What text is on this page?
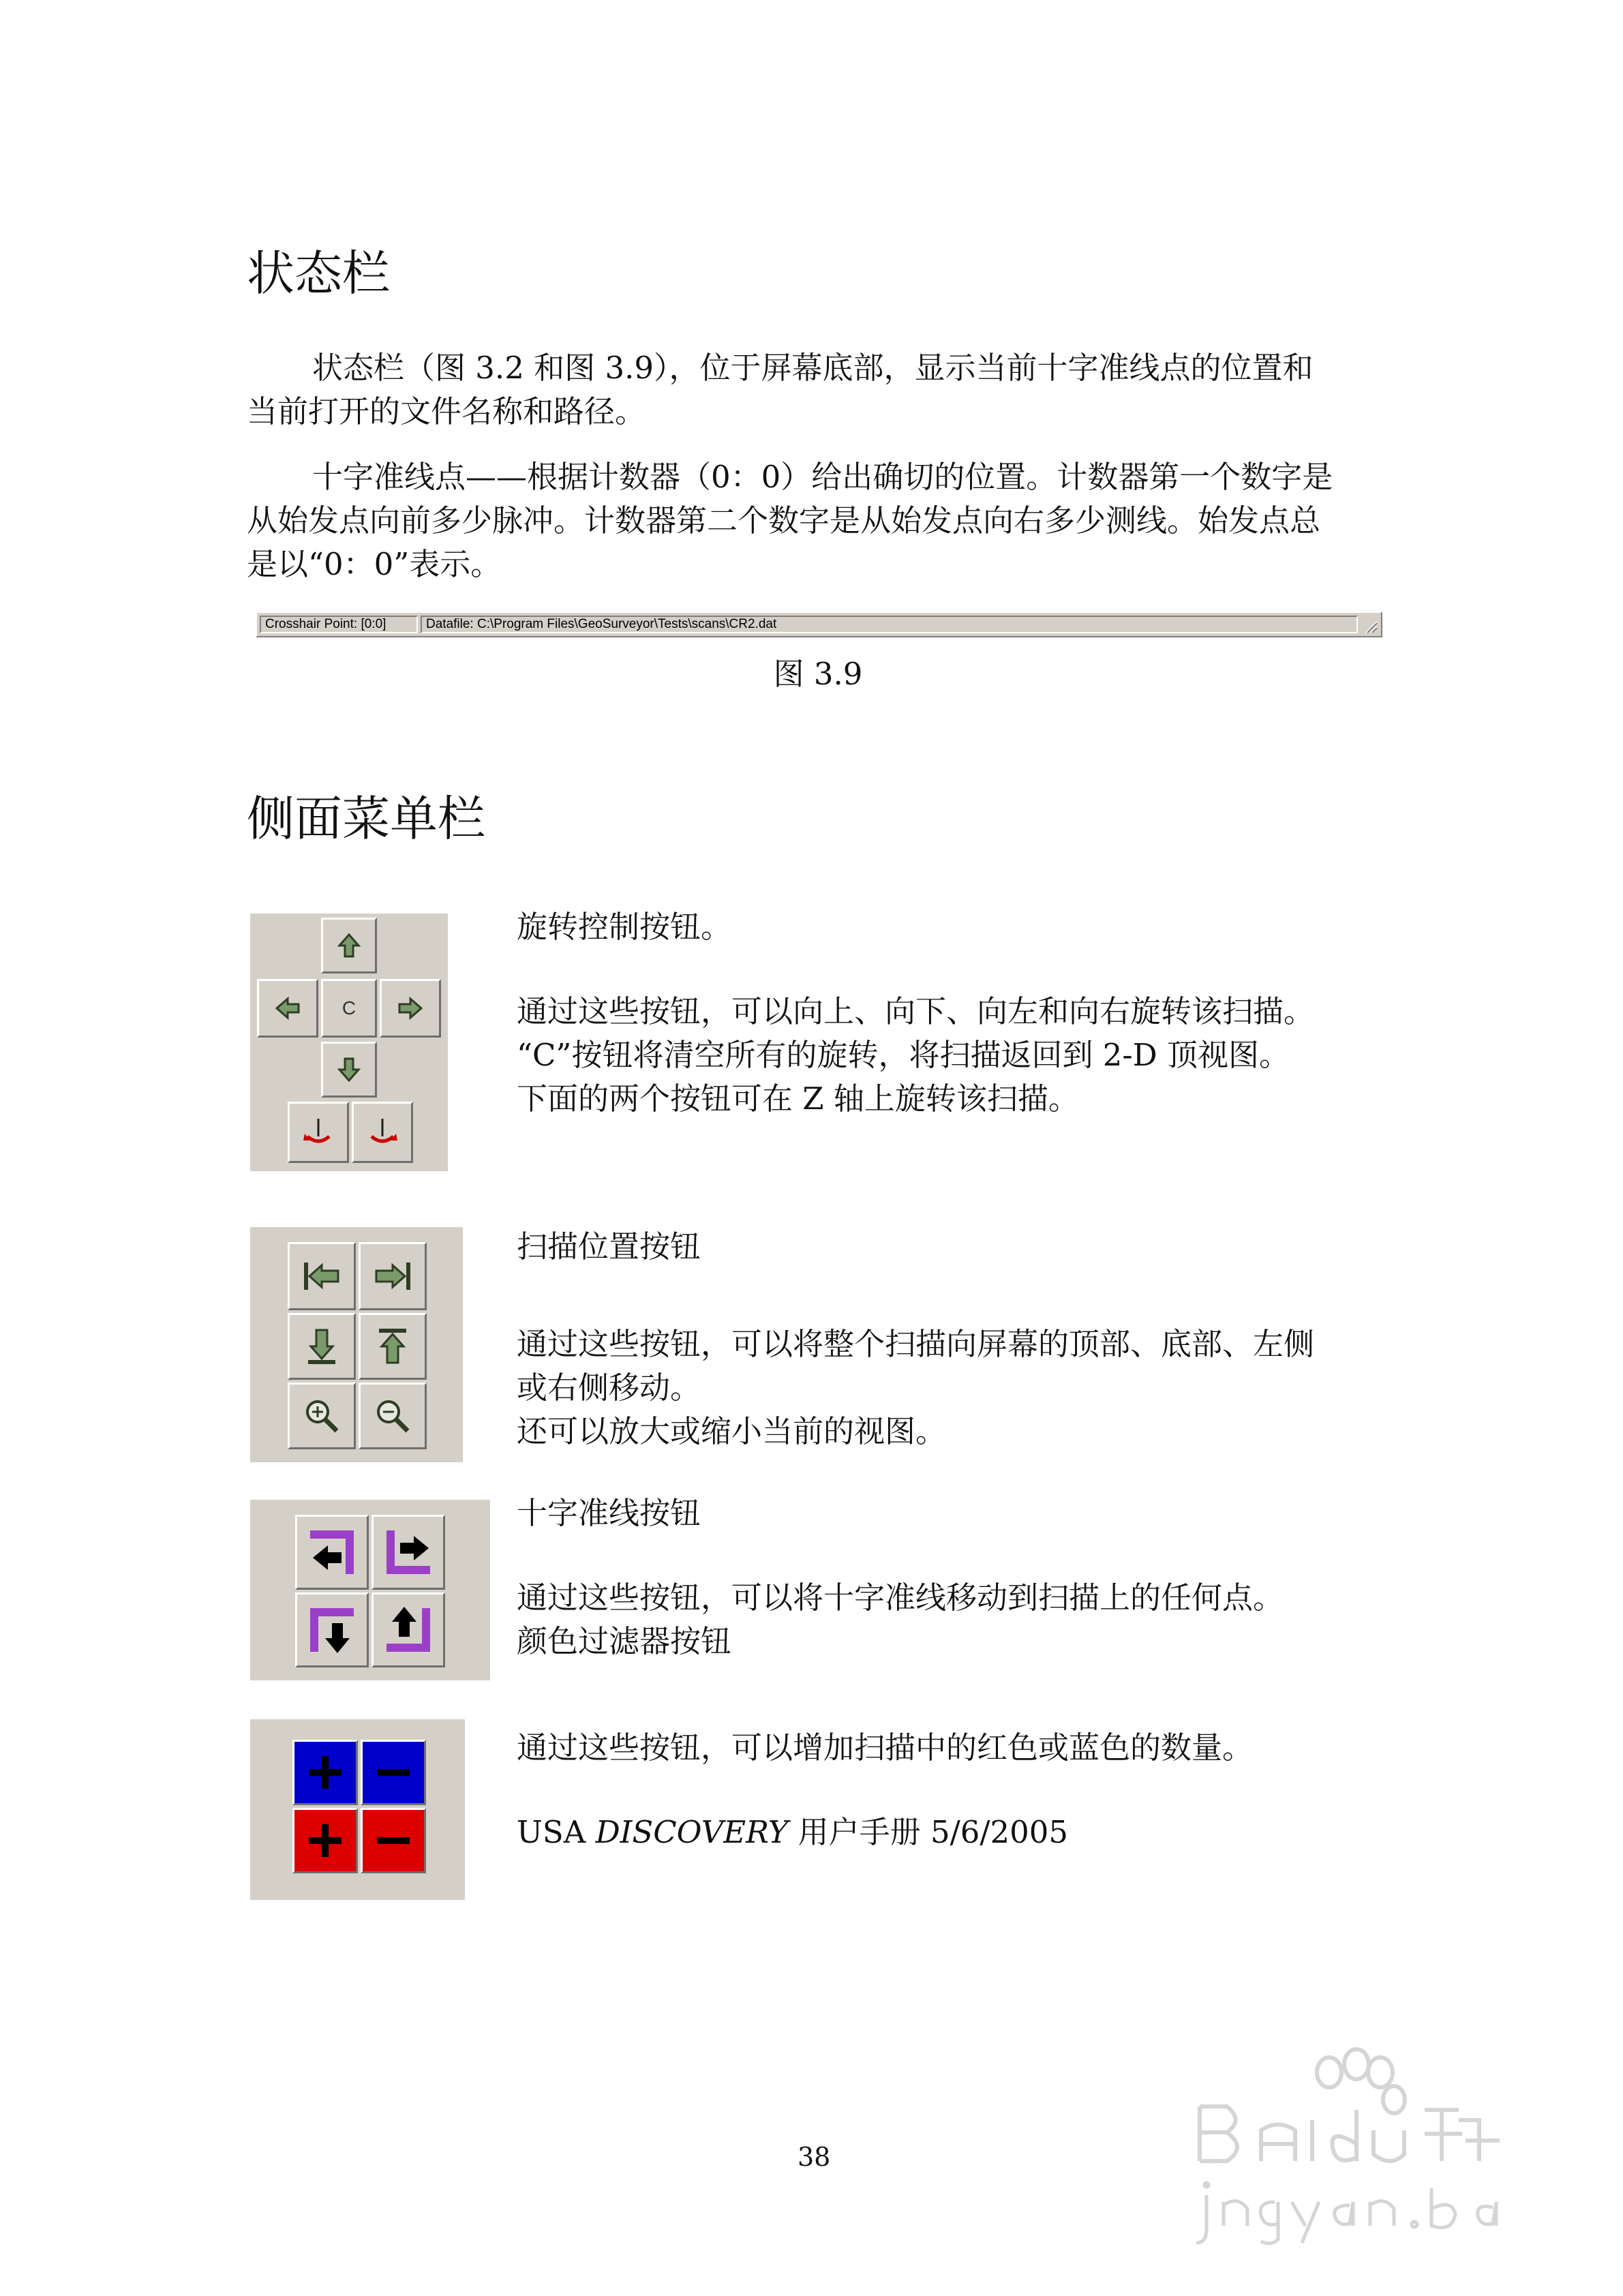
状态栏
状态栏（图 3.2 和图 3.9），位于屏幕底部，显示当前十字准线点的位置和
当前打开的文件名称和路径。
十字准线点——根据计数器（0：0）给出确切的位置。计数器第一个数字是
从始发点向前多少脉冲。计数器第二个数字是从始发点向右多少测线。始发点总
是以“0：0”表示。
Crosshair Point: [0:0]	Datafile: C:\Program Files\GeoSurveyor\Tests\scans\CR2.dat
图 3.9
侧面菜单栏
C
旋转控制按钮。
通过这些按钮，可以向上、向下、向左和向右旋转该扫描。
“C”按钮将清空所有的旋转，将扫描返回到 2-D 顶视图。
下面的两个按钮可在 Z 轴上旋转该扫描。
扫描位置按钮
通过这些按钮，可以将整个扫描向屏幕的顶部、底部、左侧
或右侧移动。
还可以放大或缩小当前的视图。
十字准线按钮
通过这些按钮，可以将十字准线移动到扫描上的任何点。
颜色过滤器按钮
通过这些按钮，可以增加扫描中的红色或蓝色的数量。
USA DISCOVERY 用户手册 5/6/2005
38
